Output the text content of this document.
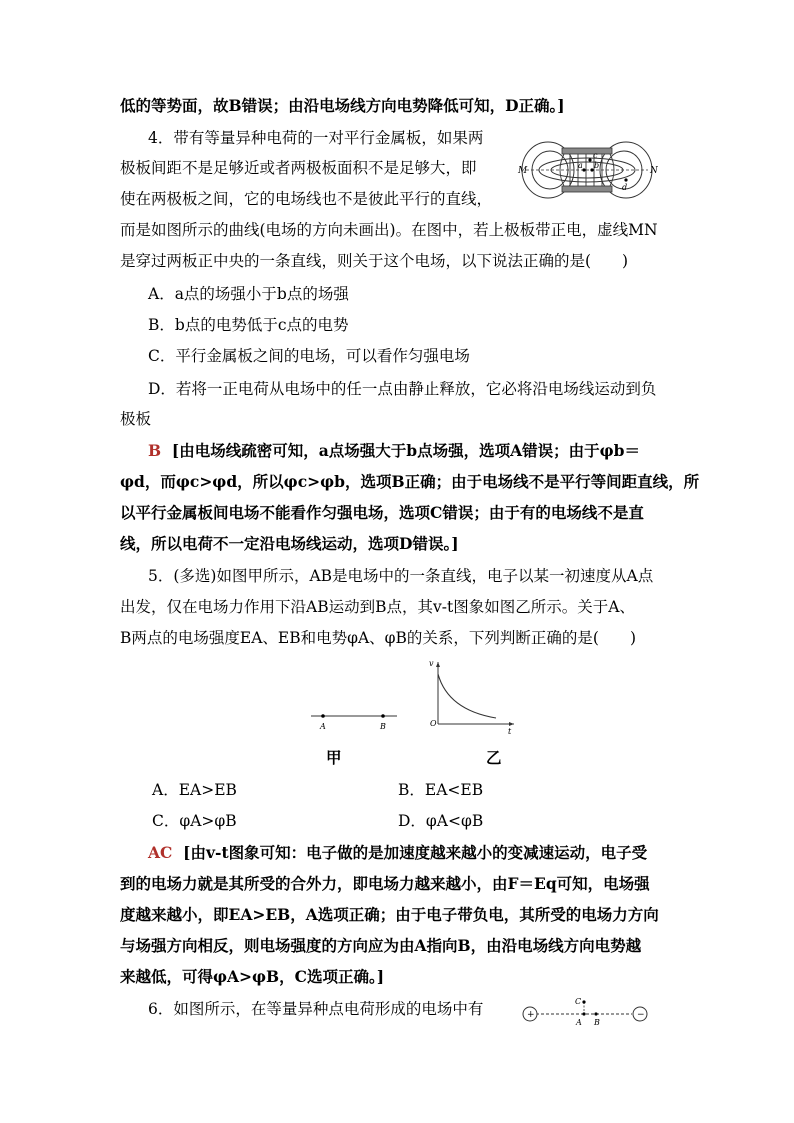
低的等势面，故B错误；由沿电场线方向电势降低可知，D正确。]
4．带有等量异种电荷的一对平行金属板，如果两
极板间距不是足够近或者两极板面积不是足够大，即
使在两极板之间，它的电场线也不是彼此平行的直线，
而是如图所示的曲线(电场的方向未画出)。在图中，若上极板带正电，虚线MN
是穿过两板正中央的一条直线，则关于这个电场，以下说法正确的是(　　)
A．a点的场强小于b点的场强
B．b点的电势低于c点的电势
C．平行金属板之间的电场，可以看作匀强电场
D．若将一正电荷从电场中的任一点由静止释放，它必将沿电场线运动到负
极板
B [由电场线疏密可知，a点场强大于b点场强，选项A错误；由于φb＝
φd，而φc>φd，所以φc>φb，选项B正确；由于电场线不是平行等间距直线，所
以平行金属板间电场不能看作匀强电场，选项C错误；由于有的电场线不是直
线，所以电荷不一定沿电场线运动，选项D错误。]
5．(多选)如图甲所示，AB是电场中的一条直线，电子以某一初速度从A点
出发，仅在电场力作用下沿AB运动到B点，其v-t图象如图乙所示。关于A、
B两点的电场强度EA、EB和电势φA、φB的关系，下列判断正确的是(　　)
A．EA>EB	B．EA<EB
C．φA>φB	D．φA<φB
AC [由v-t图象可知：电子做的是加速度越来越小的变减速运动，电子受
到的电场力就是其所受的合外力，即电场力越来越小，由F＝Eq可知，电场强
度越来越小，即EA>EB，A选项正确；由于电子带负电，其所受的电场力方向
与场强方向相反，则电场强度的方向应为由A指向B，由沿电场线方向电势越
来越低，可得φA>φB，C选项正确。]
6．如图所示，在等量异种点电荷形成的电场中有
M	N
c
a b
d
A	B
甲
v
t
O
乙
+	−
C
A B
